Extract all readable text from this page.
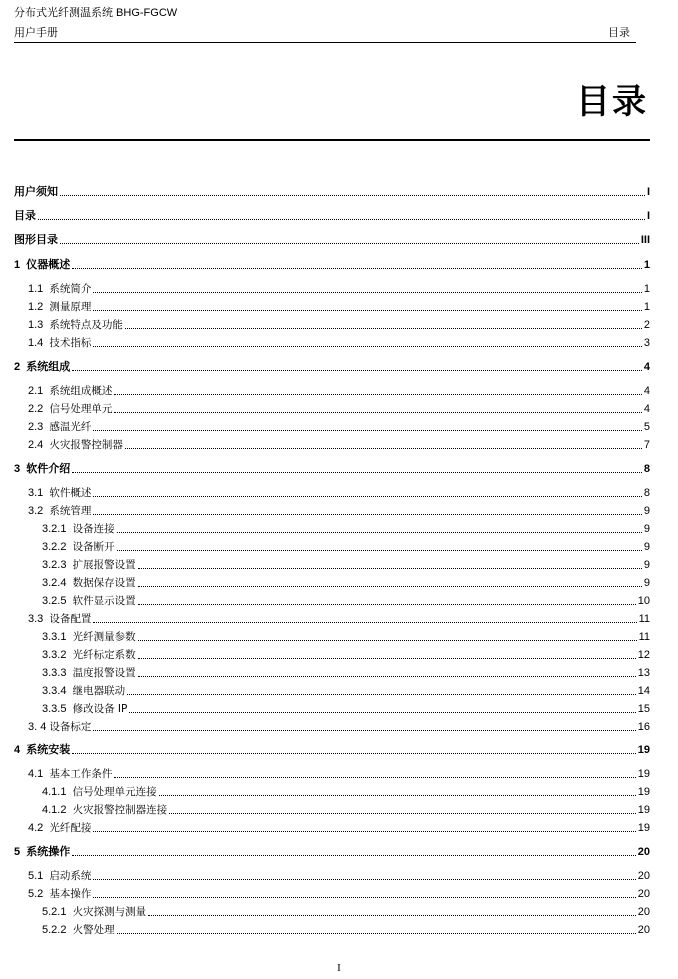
分布式光纤测温系统 BHG-FGCW
用户手册	目录
目录
用户须知	I
目录	I
图形目录	III
1 仪器概述	1
1.1 系统简介	1
1.2 测量原理	1
1.3 系统特点及功能	2
1.4 技术指标	3
2 系统组成	4
2.1 系统组成概述	4
2.2 信号处理单元	4
2.3 感温光纤	5
2.4 火灾报警控制器	7
3 软件介绍	8
3.1 软件概述	8
3.2 系统管理	9
3.2.1 设备连接	9
3.2.2 设备断开	9
3.2.3 扩展报警设置	9
3.2.4 数据保存设置	9
3.2.5 软件显示设置	10
3.3 设备配置	11
3.3.1 光纤测量参数	11
3.3.2 光纤标定系数	12
3.3.3 温度报警设置	13
3.3.4 继电器联动	14
3.3.5 修改设备 IP	15
3. 4 设备标定	16
4 系统安装	19
4.1 基本工作条件	19
4.1.1 信号处理单元连接	19
4.1.2 火灾报警控制器连接	19
4.2 光纤配接	19
5 系统操作	20
5.1 启动系统	20
5.2 基本操作	20
5.2.1 火灾探测与测量	20
5.2.2 火警处理	20
I
